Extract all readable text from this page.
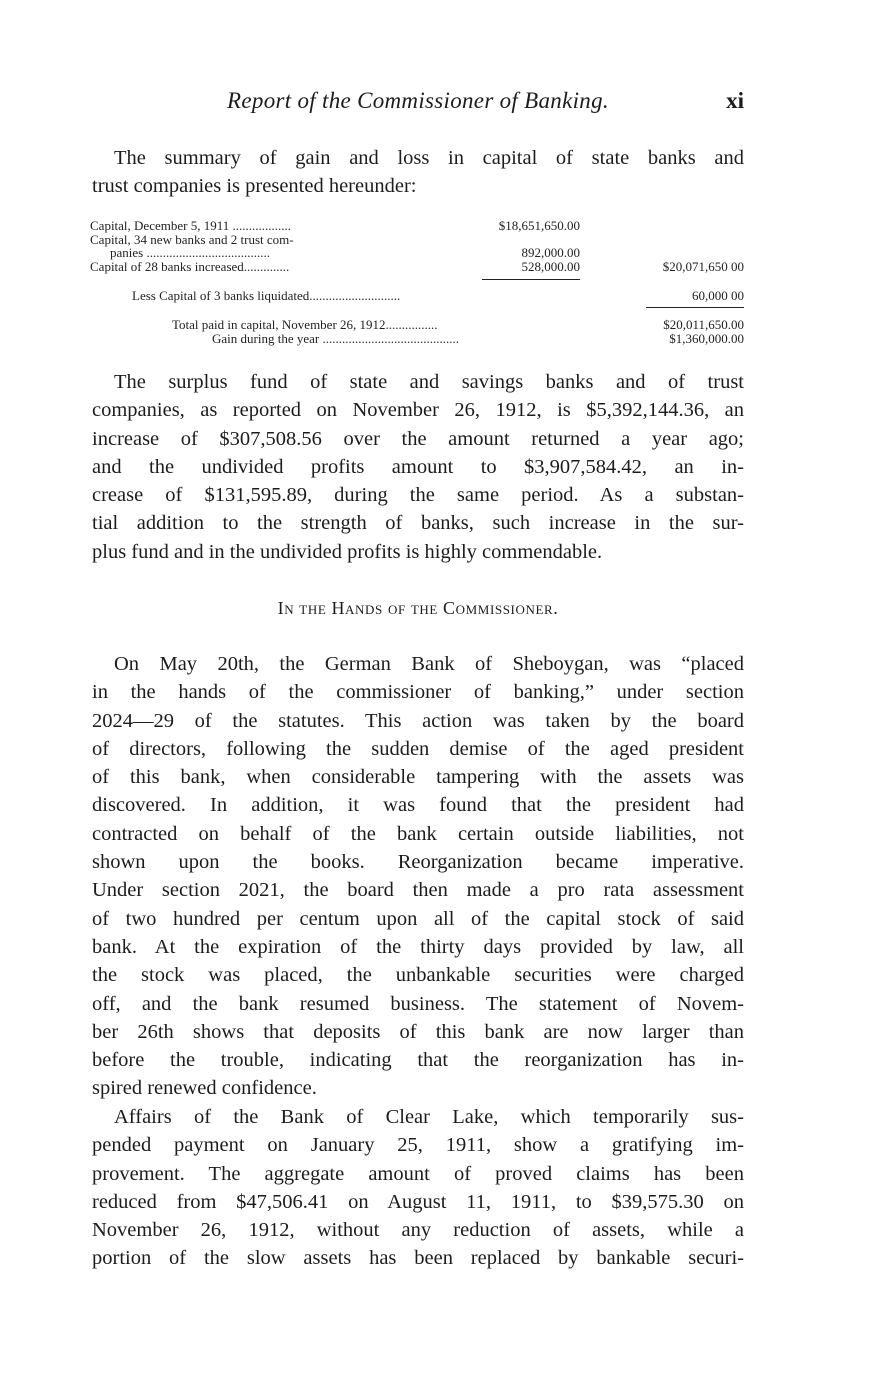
Report of the Commissioner of Banking.	xi

The summary of gain and loss in capital of state banks and
trust companies is presented hereunder:

Capital, December 5, 1911 ..................	$18,651,650.00
Capital, 34 new banks and 2 trust com-
panies ......................................	892,000.00
Capital of 28 banks increased..............	528,000.00	$20,071,650 00
Less Capital of 3 banks liquidated............................	60,000 00
Total paid in capital, November 26, 1912................	$20,011,650.00
Gain during the year ..........................................	$1,360,000.00

The surplus fund of state and savings banks and of trust
companies, as reported on November 26, 1912, is $5,392,144.36, an
increase of $307,508.56 over the amount returned a year ago;
and the undivided profits amount to $3,907,584.42, an in-
crease of $131,595.89, during the same period. As a substan-
tial addition to the strength of banks, such increase in the sur-
plus fund and in the undivided profits is highly commendable.

In the Hands of the Commissioner.

On May 20th, the German Bank of Sheboygan, was “placed
in the hands of the commissioner of banking,” under section
2024—29 of the statutes. This action was taken by the board
of directors, following the sudden demise of the aged president
of this bank, when considerable tampering with the assets was
discovered. In addition, it was found that the president had
contracted on behalf of the bank certain outside liabilities, not
shown upon the books. Reorganization became imperative.
Under section 2021, the board then made a pro rata assessment
of two hundred per centum upon all of the capital stock of said
bank. At the expiration of the thirty days provided by law, all
the stock was placed, the unbankable securities were charged
off, and the bank resumed business. The statement of Novem-
ber 26th shows that deposits of this bank are now larger than
before the trouble, indicating that the reorganization has in-
spired renewed confidence.

Affairs of the Bank of Clear Lake, which temporarily sus-
pended payment on January 25, 1911, show a gratifying im-
provement. The aggregate amount of proved claims has been
reduced from $47,506.41 on August 11, 1911, to $39,575.30 on
November 26, 1912, without any reduction of assets, while a
portion of the slow assets has been replaced by bankable securi-
